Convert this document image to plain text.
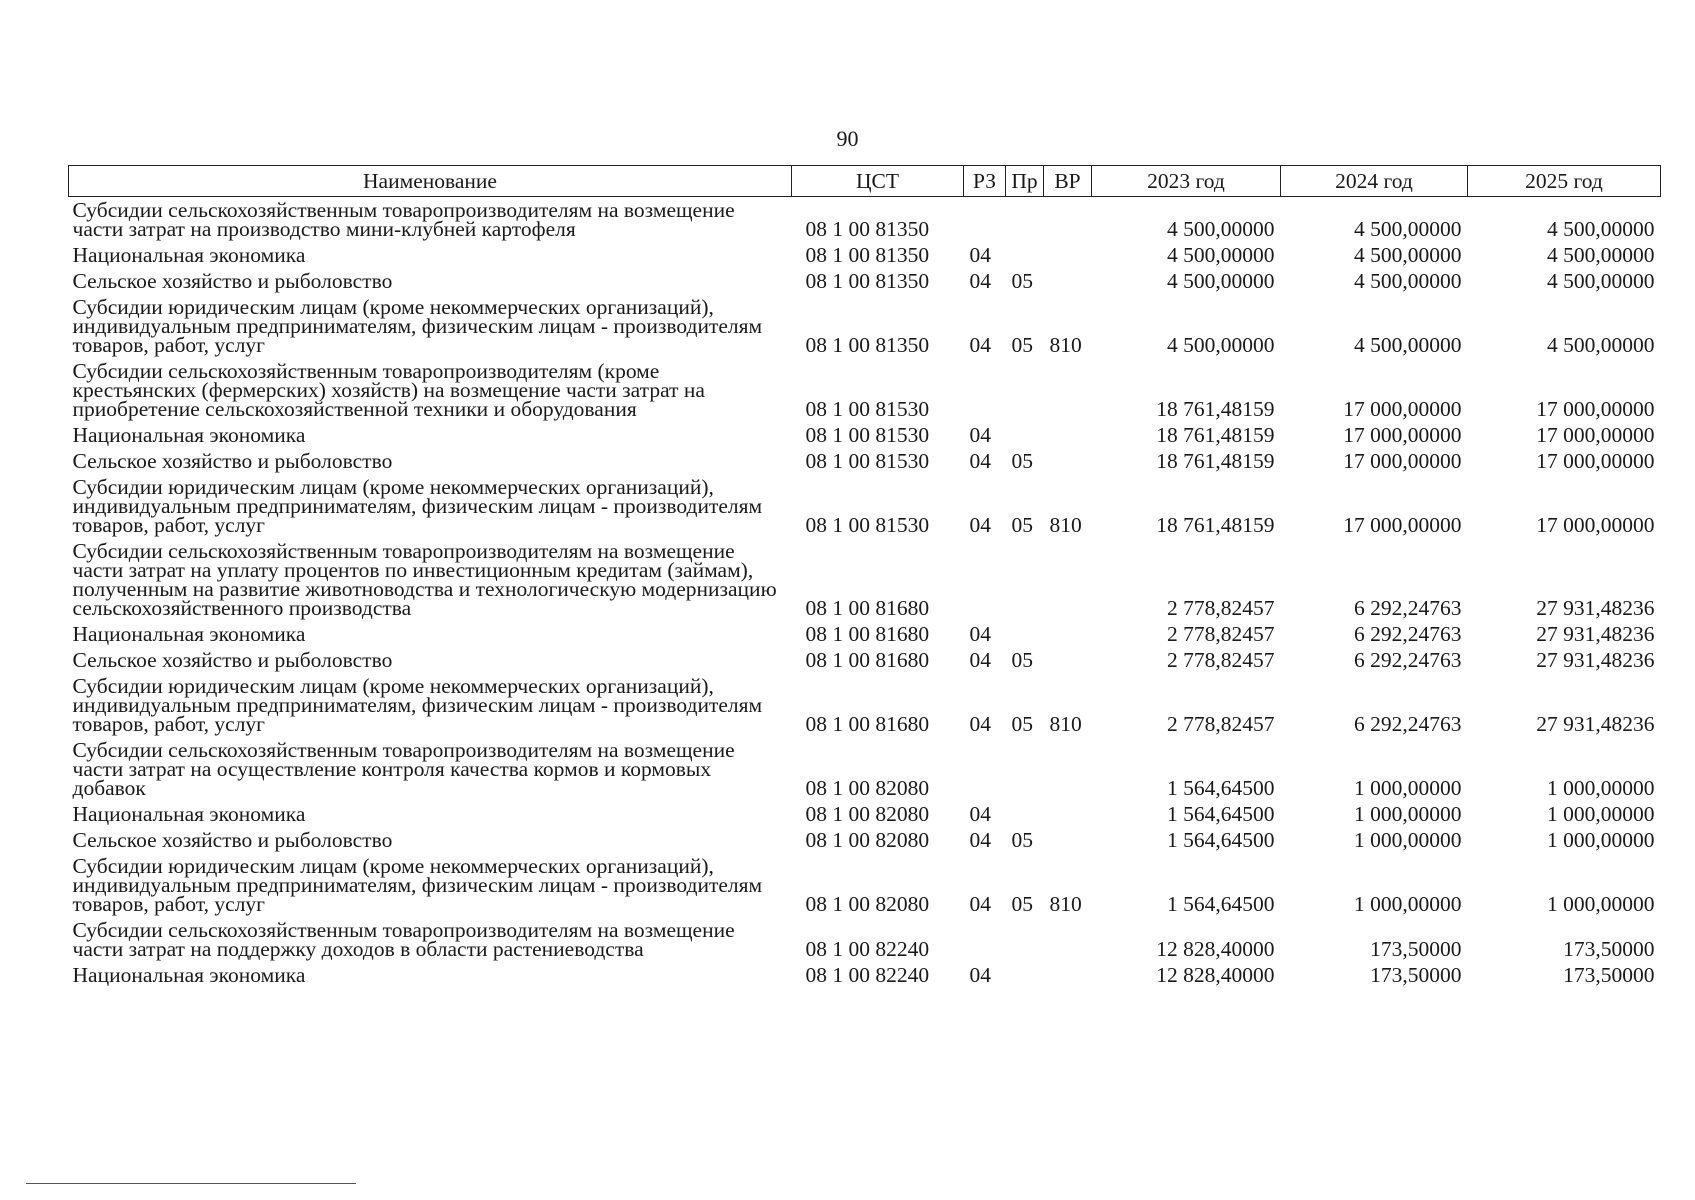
90
Наименование	ЦСТ	РЗ	Пр	ВР	2023 год	2024 год	2025 год
Субсидии сельскохозяйственным товаропроизводителям на возмещение части затрат на производство мини-клубней картофеля	08 1 00 81350				4 500,00000	4 500,00000	4 500,00000
Национальная экономика	08 1 00 81350	04			4 500,00000	4 500,00000	4 500,00000
Сельское хозяйство и рыболовство	08 1 00 81350	04	05		4 500,00000	4 500,00000	4 500,00000
Субсидии юридическим лицам (кроме некоммерческих организаций), индивидуальным предпринимателям, физическим лицам - производителям товаров, работ, услуг	08 1 00 81350	04	05	810	4 500,00000	4 500,00000	4 500,00000
Субсидии сельскохозяйственным товаропроизводителям (кроме крестьянских (фермерских) хозяйств) на возмещение части затрат на приобретение сельскохозяйственной техники и оборудования	08 1 00 81530				18 761,48159	17 000,00000	17 000,00000
Национальная экономика	08 1 00 81530	04			18 761,48159	17 000,00000	17 000,00000
Сельское хозяйство и рыболовство	08 1 00 81530	04	05		18 761,48159	17 000,00000	17 000,00000
Субсидии юридическим лицам (кроме некоммерческих организаций), индивидуальным предпринимателям, физическим лицам - производителям товаров, работ, услуг	08 1 00 81530	04	05	810	18 761,48159	17 000,00000	17 000,00000
Субсидии сельскохозяйственным товаропроизводителям на возмещение части затрат на уплату процентов по инвестиционным кредитам (займам), полученным на развитие животноводства и технологическую модернизацию сельскохозяйственного производства	08 1 00 81680				2 778,82457	6 292,24763	27 931,48236
Национальная экономика	08 1 00 81680	04			2 778,82457	6 292,24763	27 931,48236
Сельское хозяйство и рыболовство	08 1 00 81680	04	05		2 778,82457	6 292,24763	27 931,48236
Субсидии юридическим лицам (кроме некоммерческих организаций), индивидуальным предпринимателям, физическим лицам - производителям товаров, работ, услуг	08 1 00 81680	04	05	810	2 778,82457	6 292,24763	27 931,48236
Субсидии сельскохозяйственным товаропроизводителям на возмещение части затрат на осуществление контроля качества кормов и кормовых добавок	08 1 00 82080				1 564,64500	1 000,00000	1 000,00000
Национальная экономика	08 1 00 82080	04			1 564,64500	1 000,00000	1 000,00000
Сельское хозяйство и рыболовство	08 1 00 82080	04	05		1 564,64500	1 000,00000	1 000,00000
Субсидии юридическим лицам (кроме некоммерческих организаций), индивидуальным предпринимателям, физическим лицам - производителям товаров, работ, услуг	08 1 00 82080	04	05	810	1 564,64500	1 000,00000	1 000,00000
Субсидии сельскохозяйственным товаропроизводителям на возмещение части затрат на поддержку доходов в области растениеводства	08 1 00 82240				12 828,40000	173,50000	173,50000
Национальная экономика	08 1 00 82240	04			12 828,40000	173,50000	173,50000
